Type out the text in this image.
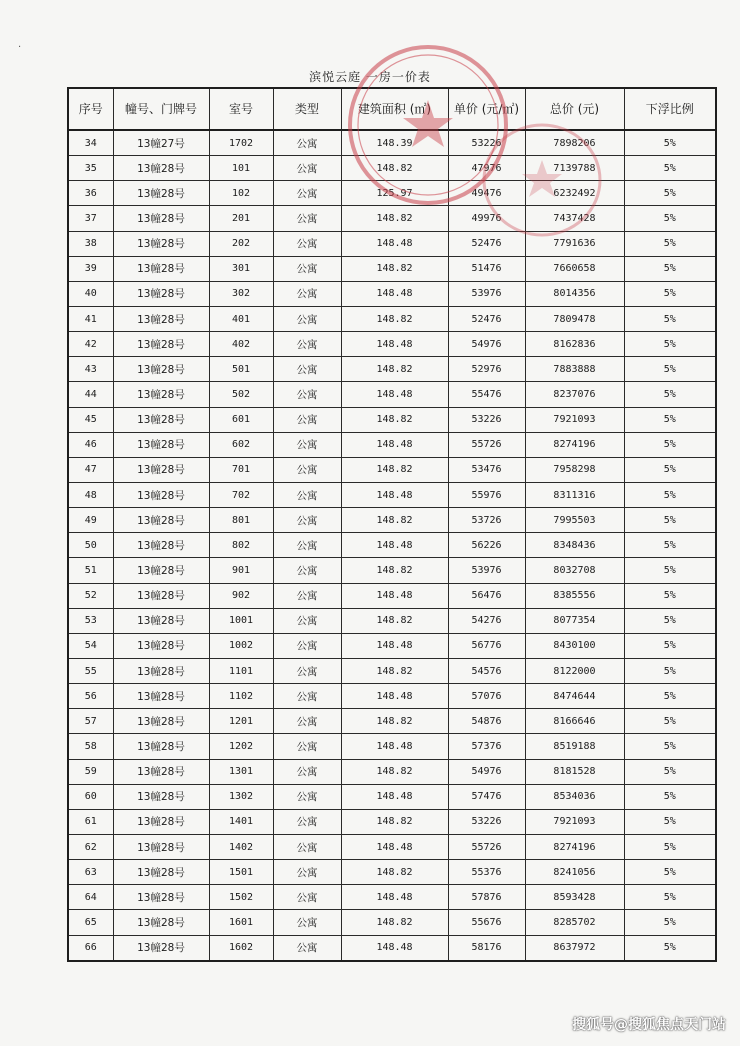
·
滨悦云庭 一房一价表
序号	幢号、门牌号	室号	类型	建筑面积 (㎡)	单价 (元/㎡)	总价 (元)	下浮比例
34	13幢27号	1702	公寓	148.39	53226	7898206	5%
35	13幢28号	101	公寓	148.82	47976	7139788	5%
36	13幢28号	102	公寓	125.97	49476	6232492	5%
37	13幢28号	201	公寓	148.82	49976	7437428	5%
38	13幢28号	202	公寓	148.48	52476	7791636	5%
39	13幢28号	301	公寓	148.82	51476	7660658	5%
40	13幢28号	302	公寓	148.48	53976	8014356	5%
41	13幢28号	401	公寓	148.82	52476	7809478	5%
42	13幢28号	402	公寓	148.48	54976	8162836	5%
43	13幢28号	501	公寓	148.82	52976	7883888	5%
44	13幢28号	502	公寓	148.48	55476	8237076	5%
45	13幢28号	601	公寓	148.82	53226	7921093	5%
46	13幢28号	602	公寓	148.48	55726	8274196	5%
47	13幢28号	701	公寓	148.82	53476	7958298	5%
48	13幢28号	702	公寓	148.48	55976	8311316	5%
49	13幢28号	801	公寓	148.82	53726	7995503	5%
50	13幢28号	802	公寓	148.48	56226	8348436	5%
51	13幢28号	901	公寓	148.82	53976	8032708	5%
52	13幢28号	902	公寓	148.48	56476	8385556	5%
53	13幢28号	1001	公寓	148.82	54276	8077354	5%
54	13幢28号	1002	公寓	148.48	56776	8430100	5%
55	13幢28号	1101	公寓	148.82	54576	8122000	5%
56	13幢28号	1102	公寓	148.48	57076	8474644	5%
57	13幢28号	1201	公寓	148.82	54876	8166646	5%
58	13幢28号	1202	公寓	148.48	57376	8519188	5%
59	13幢28号	1301	公寓	148.82	54976	8181528	5%
60	13幢28号	1302	公寓	148.48	57476	8534036	5%
61	13幢28号	1401	公寓	148.82	53226	7921093	5%
62	13幢28号	1402	公寓	148.48	55726	8274196	5%
63	13幢28号	1501	公寓	148.82	55376	8241056	5%
64	13幢28号	1502	公寓	148.48	57876	8593428	5%
65	13幢28号	1601	公寓	148.82	55676	8285702	5%
66	13幢28号	1602	公寓	148.48	58176	8637972	5%
搜狐号@搜狐焦点天门站
